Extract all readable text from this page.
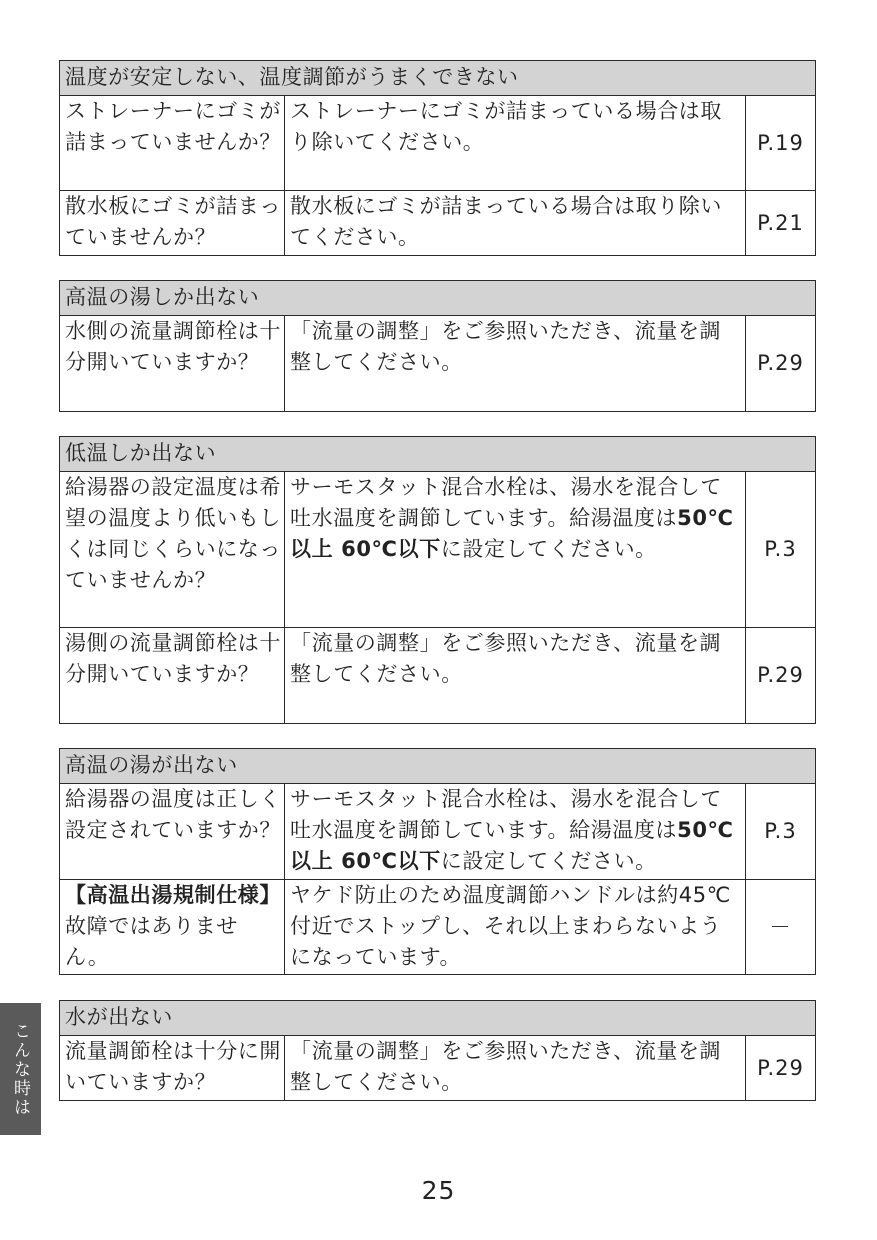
温度が安定しない、温度調節がうまくできない		
ストレーナーにゴミが詰まっていませんか？	ストレーナーにゴミが詰まっている場合は取り除いてください。	P.19
散水板にゴミが詰まっていませんか？	散水板にゴミが詰まっている場合は取り除いてください。	P.21
高温の湯しか出ない
水側の流量調節栓は十分開いていますか？	「流量の調整」をご参照いただき、流量を調整してください。	P.29
低温しか出ない		
給湯器の設定温度は希望の温度より低いもしくは同じくらいになっていませんか？	サーモスタット混合水栓は、湯水を混合して吐水温度を調節しています。給湯温度は50℃以上 60℃以下に設定してください。	P.3
湯側の流量調節栓は十分開いていますか？	「流量の調整」をご参照いただき、流量を調整してください。	P.29
高温の湯が出ない		
給湯器の温度は正しく設定されていますか？	サーモスタット混合水栓は、湯水を混合して吐水温度を調節しています。給湯温度は50℃以上 60℃以下に設定してください。	P.3
【高温出湯規制仕様】故障ではありません。	ヤケド防止のため温度調節ハンドルは約45℃付近でストップし、それ以上まわらないようになっています。	－
水が出ない
流量調節栓は十分に開いていますか？	「流量の調整」をご参照いただき、流量を調整してください。	P.29
こんな時は
25
